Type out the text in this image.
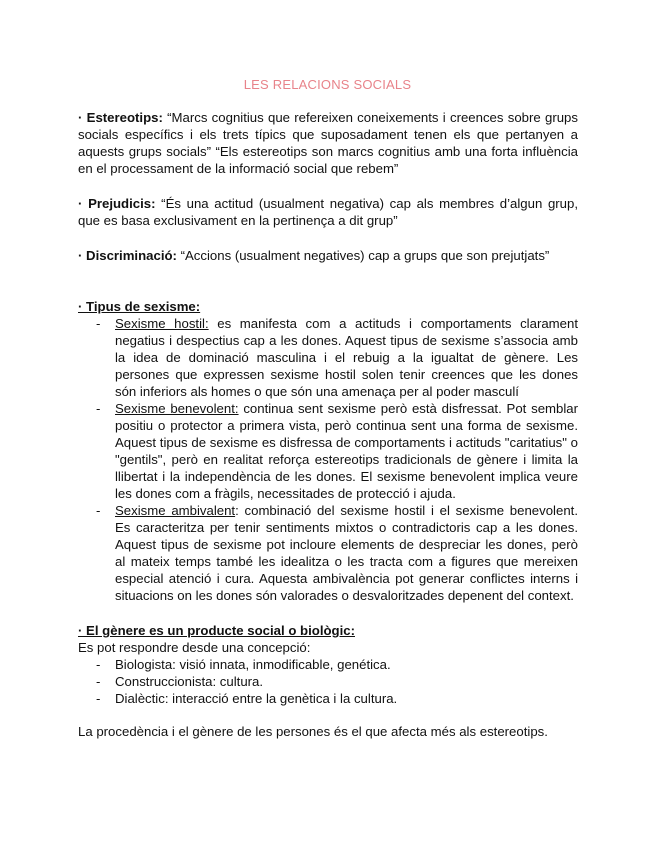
LES RELACIONS SOCIALS

· Estereotips: “Marcs cognitius que refereixen coneixements i creences sobre grups socials específics i els trets típics que suposadament tenen els que pertanyen a aquests grups socials” “Els estereotips son marcs cognitius amb una forta influència en el processament de la informació social que rebem”

· Prejudicis: “És una actitud (usualment negativa) cap als membres d’algun grup, que es basa exclusivament en la pertinença a dit grup”

· Discriminació: “Accions (usualment negatives) cap a grups que son prejutjats”

· Tipus de sexisme:
- Sexisme hostil: es manifesta com a actituds i comportaments clarament negatius i despectius cap a les dones. Aquest tipus de sexisme s’associa amb la idea de dominació masculina i el rebuig a la igualtat de gènere. Les persones que expressen sexisme hostil solen tenir creences que les dones són inferiors als homes o que són una amenaça per al poder masculí
- Sexisme benevolent: continua sent sexisme però està disfressat. Pot semblar positiu o protector a primera vista, però continua sent una forma de sexisme. Aquest tipus de sexisme es disfressa de comportaments i actituds "caritatius" o "gentils", però en realitat reforça estereotips tradicionals de gènere i limita la llibertat i la independència de les dones. El sexisme benevolent implica veure les dones com a fràgils, necessitades de protecció i ajuda.
- Sexisme ambivalent: combinació del sexisme hostil i el sexisme benevolent. Es caracteritza per tenir sentiments mixtos o contradictoris cap a les dones. Aquest tipus de sexisme pot incloure elements de despreciar les dones, però al mateix temps també les idealitza o les tracta com a figures que mereixen especial atenció i cura. Aquesta ambivalència pot generar conflictes interns i situacions on les dones són valorades o desvaloritzades depenent del context.
· El gènere es un producte social o biològic:
Es pot respondre desde una concepció:
- Biologista: visió innata, inmodificable, genética.
- Construccionista: cultura.
- Dialèctic: interacció entre la genètica i la cultura.
La procedència i el gènere de les persones és el que afecta més als estereotips.
